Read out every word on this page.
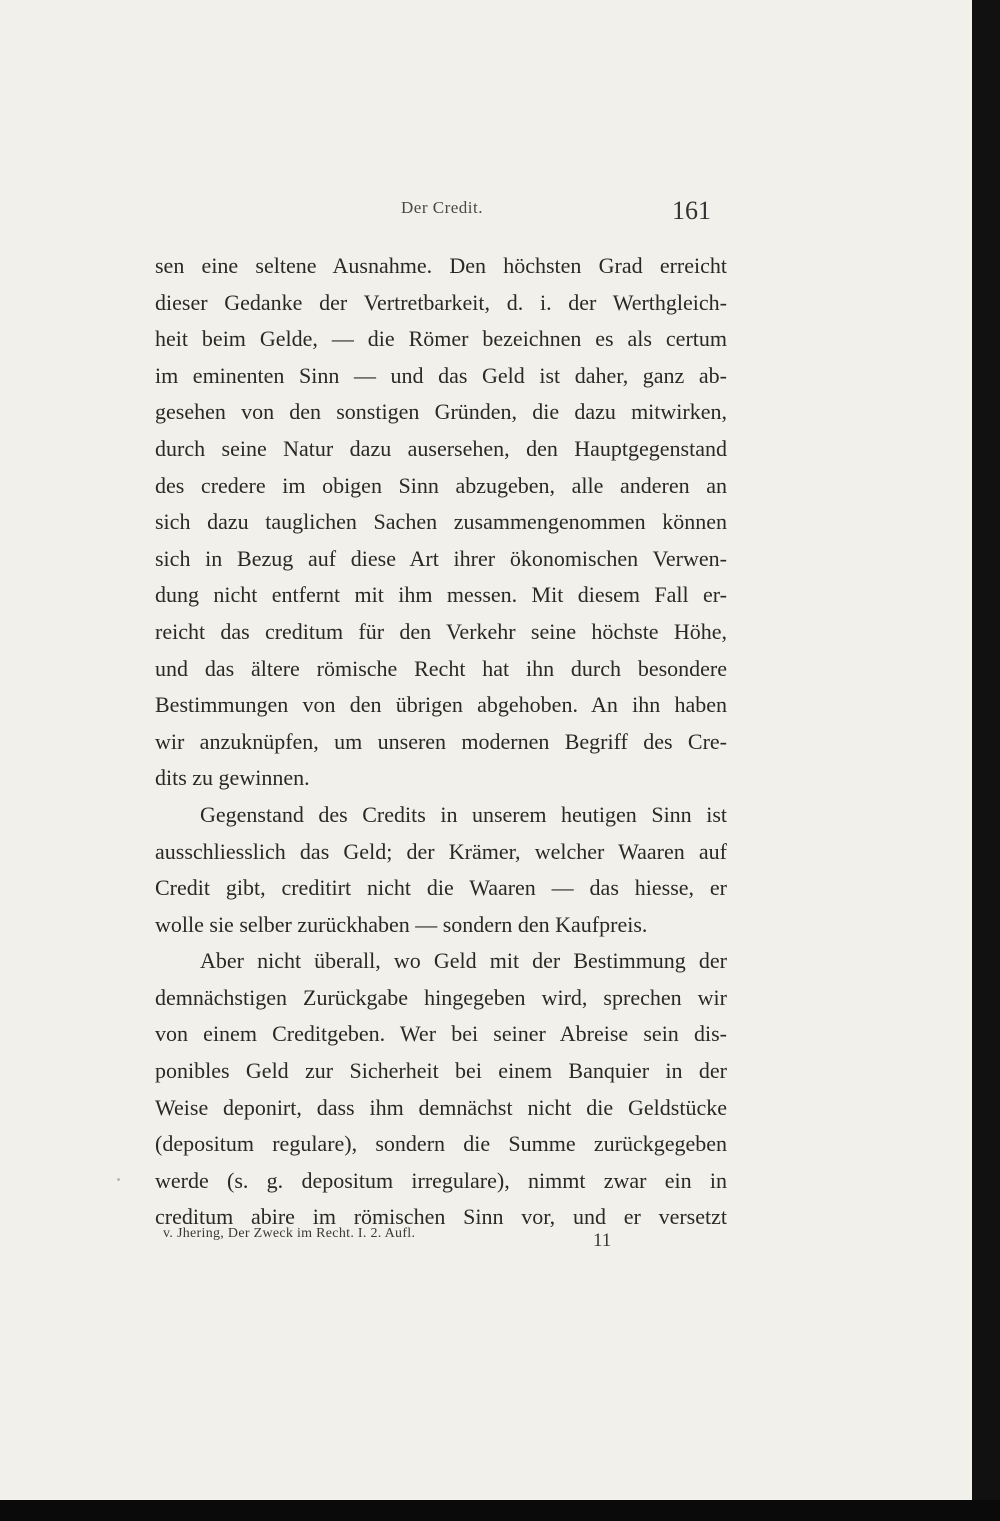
Der Credit.	161
sen eine seltene Ausnahme. Den höchsten Grad erreicht
dieser Gedanke der Vertretbarkeit, d. i. der Werthgleich-
heit beim Gelde, — die Römer bezeichnen es als certum
im eminenten Sinn — und das Geld ist daher, ganz ab-
gesehen von den sonstigen Gründen, die dazu mitwirken,
durch seine Natur dazu ausersehen, den Hauptgegenstand
des credere im obigen Sinn abzugeben, alle anderen an
sich dazu tauglichen Sachen zusammengenommen können
sich in Bezug auf diese Art ihrer ökonomischen Verwen-
dung nicht entfernt mit ihm messen. Mit diesem Fall er-
reicht das creditum für den Verkehr seine höchste Höhe,
und das ältere römische Recht hat ihn durch besondere
Bestimmungen von den übrigen abgehoben. An ihn haben
wir anzuknüpfen, um unseren modernen Begriff des Cre-
dits zu gewinnen.
Gegenstand des Credits in unserem heutigen Sinn ist
ausschliesslich das Geld; der Krämer, welcher Waaren auf
Credit gibt, creditirt nicht die Waaren — das hiesse, er
wolle sie selber zurückhaben — sondern den Kaufpreis.
Aber nicht überall, wo Geld mit der Bestimmung der
demnächstigen Zurückgabe hingegeben wird, sprechen wir
von einem Creditgeben. Wer bei seiner Abreise sein dis-
ponibles Geld zur Sicherheit bei einem Banquier in der
Weise deponirt, dass ihm demnächst nicht die Geldstücke
(depositum regulare), sondern die Summe zurückgegeben
werde (s. g. depositum irregulare), nimmt zwar ein in
creditum abire im römischen Sinn vor, und er versetzt
v. Jhering, Der Zweck im Recht. I. 2. Aufl.	11
